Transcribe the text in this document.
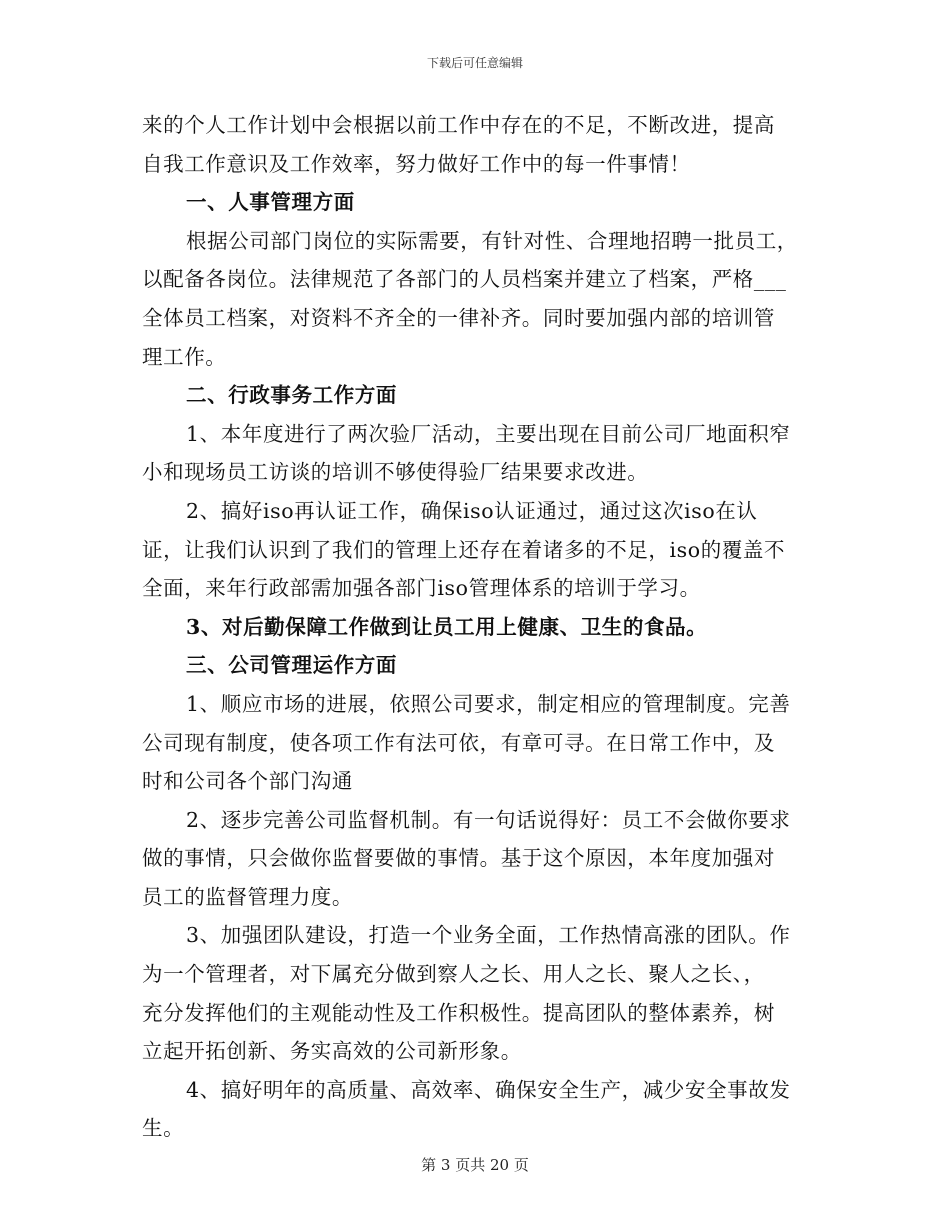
下载后可任意编辑
来的个人工作计划中会根据以前工作中存在的不足，不断改进，提高
自我工作意识及工作效率，努力做好工作中的每一件事情！
一、人事管理方面
根据公司部门岗位的实际需要，有针对性、合理地招聘一批员工，
以配备各岗位。法律规范了各部门的人员档案并建立了档案，严格___
全体员工档案，对资料不齐全的一律补齐。同时要加强内部的培训管
理工作。
二、行政事务工作方面
1、本年度进行了两次验厂活动，主要出现在目前公司厂地面积窄
小和现场员工访谈的培训不够使得验厂结果要求改进。
2、搞好iso再认证工作，确保iso认证通过，通过这次iso在认
证，让我们认识到了我们的管理上还存在着诸多的不足，iso的覆盖不
全面，来年行政部需加强各部门iso管理体系的培训于学习。
3、对后勤保障工作做到让员工用上健康、卫生的食品。
三、公司管理运作方面
1、顺应市场的进展，依照公司要求，制定相应的管理制度。完善
公司现有制度，使各项工作有法可依，有章可寻。在日常工作中，及
时和公司各个部门沟通
2、逐步完善公司监督机制。有一句话说得好：员工不会做你要求
做的事情，只会做你监督要做的事情。基于这个原因，本年度加强对
员工的监督管理力度。
3、加强团队建设，打造一个业务全面，工作热情高涨的团队。作
为一个管理者，对下属充分做到察人之长、用人之长、聚人之长、，
充分发挥他们的主观能动性及工作积极性。提高团队的整体素养，树
立起开拓创新、务实高效的公司新形象。
4、搞好明年的高质量、高效率、确保安全生产，减少安全事故发
生。
第 3 页共 20 页
